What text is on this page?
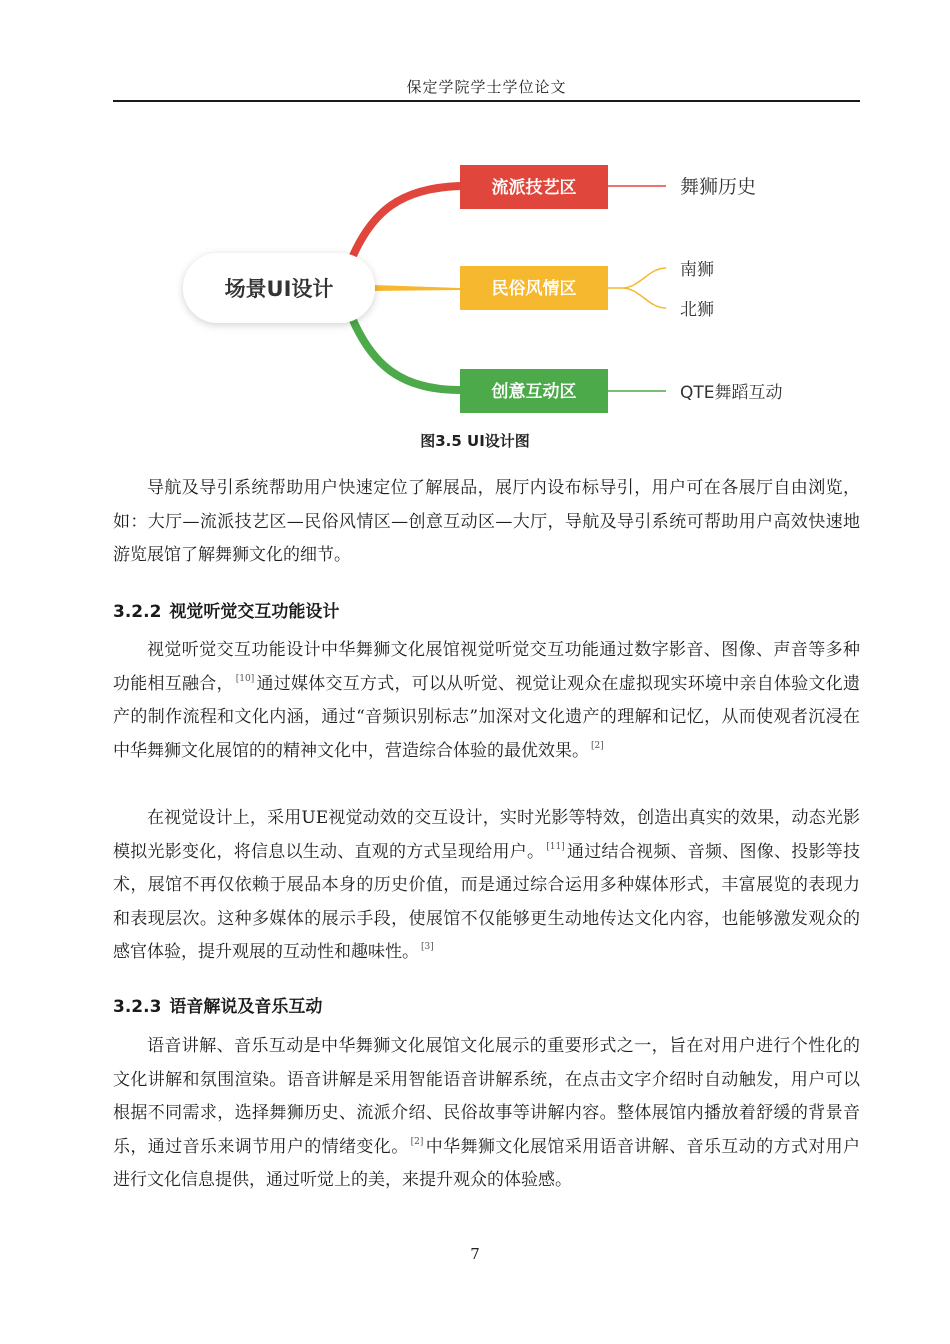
保定学院学士学位论文
场景UI设计
流派技艺区	舞狮历史
民俗风情区
南狮
北狮
创意互动区	QTE舞蹈互动
图3.5 UI设计图

导航及导引系统帮助用户快速定位了解展品，展厅内设布标导引，用户可在各展厅自由浏览，如：大厅—流派技艺区—民俗风情区—创意互动区—大厅，导航及导引系统可帮助用户高效快速地游览展馆了解舞狮文化的细节。

3.2.2 视觉听觉交互功能设计

视觉听觉交互功能设计中华舞狮文化展馆视觉听觉交互功能通过数字影音、图像、声音等多种功能相互融合， [10] 通过媒体交互方式，可以从听觉、视觉让观众在虚拟现实环境中亲自体验文化遗产的制作流程和文化内涵，通过“音频识别标志”加深对文化遗产的理解和记忆，从而使观者沉浸在中华舞狮文化展馆的的精神文化中，营造综合体验的最优效果。 [2]

在视觉设计上，采用UE视觉动效的交互设计，实时光影等特效，创造出真实的效果，动态光影模拟光影变化，将信息以生动、直观的方式呈现给用户。 [11] 通过结合视频、音频、图像、投影等技术，展馆不再仅依赖于展品本身的历史价值，而是通过综合运用多种媒体形式，丰富展览的表现力和表现层次。这种多媒体的展示手段，使展馆不仅能够更生动地传达文化内容，也能够激发观众的感官体验，提升观展的互动性和趣味性。 [3]

3.2.3 语音解说及音乐互动

语音讲解、音乐互动是中华舞狮文化展馆文化展示的重要形式之一，旨在对用户进行个性化的文化讲解和氛围渲染。语音讲解是采用智能语音讲解系统，在点击文字介绍时自动触发，用户可以根据不同需求，选择舞狮历史、流派介绍、民俗故事等讲解内容。整体展馆内播放着舒缓的背景音乐，通过音乐来调节用户的情绪变化。 [2] 中华舞狮文化展馆采用语音讲解、音乐互动的方式对用户进行文化信息提供，通过听觉上的美，来提升观众的体验感。

7
